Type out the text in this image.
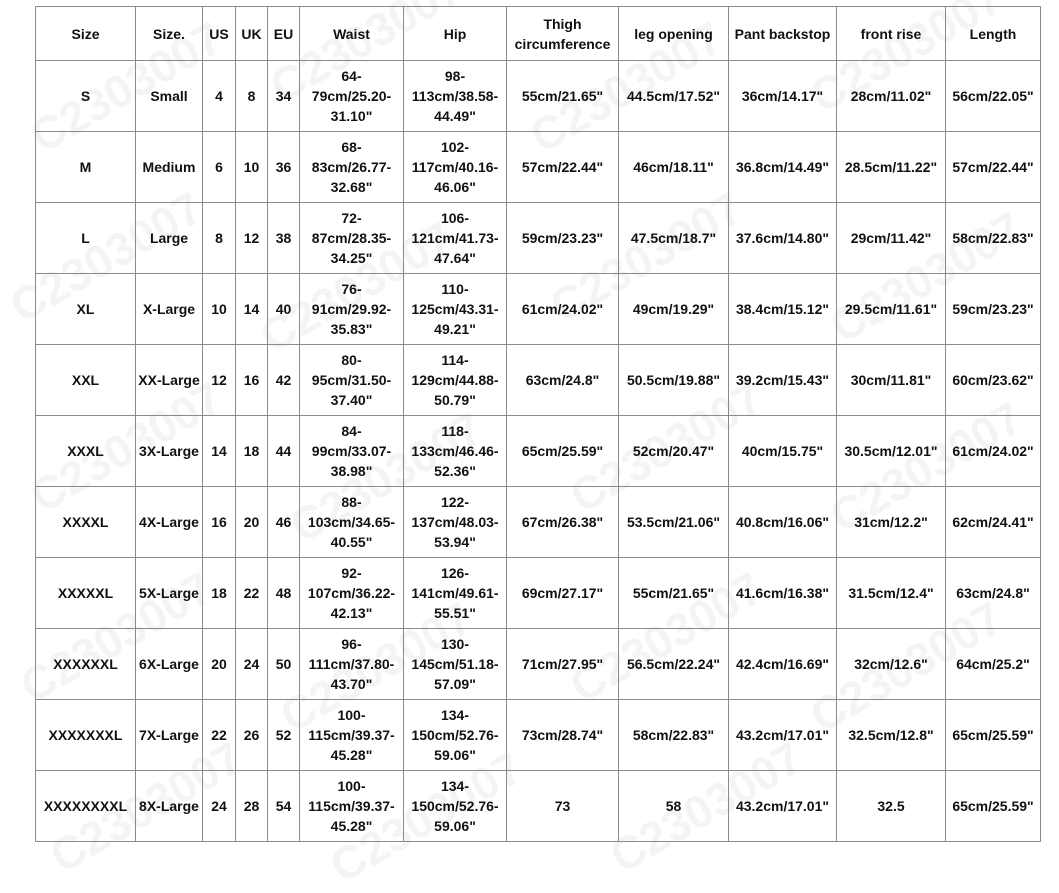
Size	Size.	US	UK	EU	Waist	Hip	Thigh circumference	leg opening	Pant backstop	front rise	Length
S	Small	4	8	34	64-79cm/25.20-31.10"	98-113cm/38.58-44.49"	55cm/21.65"	44.5cm/17.52"	36cm/14.17"	28cm/11.02"	56cm/22.05"
M	Medium	6	10	36	68-83cm/26.77-32.68"	102-117cm/40.16-46.06"	57cm/22.44"	46cm/18.11"	36.8cm/14.49"	28.5cm/11.22"	57cm/22.44"
L	Large	8	12	38	72-87cm/28.35-34.25"	106-121cm/41.73-47.64"	59cm/23.23"	47.5cm/18.7"	37.6cm/14.80"	29cm/11.42"	58cm/22.83"
XL	X-Large	10	14	40	76-91cm/29.92-35.83"	110-125cm/43.31-49.21"	61cm/24.02"	49cm/19.29"	38.4cm/15.12"	29.5cm/11.61"	59cm/23.23"
XXL	XX-Large	12	16	42	80-95cm/31.50-37.40"	114-129cm/44.88-50.79"	63cm/24.8"	50.5cm/19.88"	39.2cm/15.43"	30cm/11.81"	60cm/23.62"
XXXL	3X-Large	14	18	44	84-99cm/33.07-38.98"	118-133cm/46.46-52.36"	65cm/25.59"	52cm/20.47"	40cm/15.75"	30.5cm/12.01"	61cm/24.02"
XXXXL	4X-Large	16	20	46	88-103cm/34.65-40.55"	122-137cm/48.03-53.94"	67cm/26.38"	53.5cm/21.06"	40.8cm/16.06"	31cm/12.2"	62cm/24.41"
XXXXXL	5X-Large	18	22	48	92-107cm/36.22-42.13"	126-141cm/49.61-55.51"	69cm/27.17"	55cm/21.65"	41.6cm/16.38"	31.5cm/12.4"	63cm/24.8"
XXXXXXL	6X-Large	20	24	50	96-111cm/37.80-43.70"	130-145cm/51.18-57.09"	71cm/27.95"	56.5cm/22.24"	42.4cm/16.69"	32cm/12.6"	64cm/25.2"
XXXXXXXL	7X-Large	22	26	52	100-115cm/39.37-45.28"	134-150cm/52.76-59.06"	73cm/28.74"	58cm/22.83"	43.2cm/17.01"	32.5cm/12.8"	65cm/25.59"
XXXXXXXXL	8X-Large	24	28	54	100-115cm/39.37-45.28"	134-150cm/52.76-59.06"	73	58	43.2cm/17.01"	32.5	65cm/25.59"
